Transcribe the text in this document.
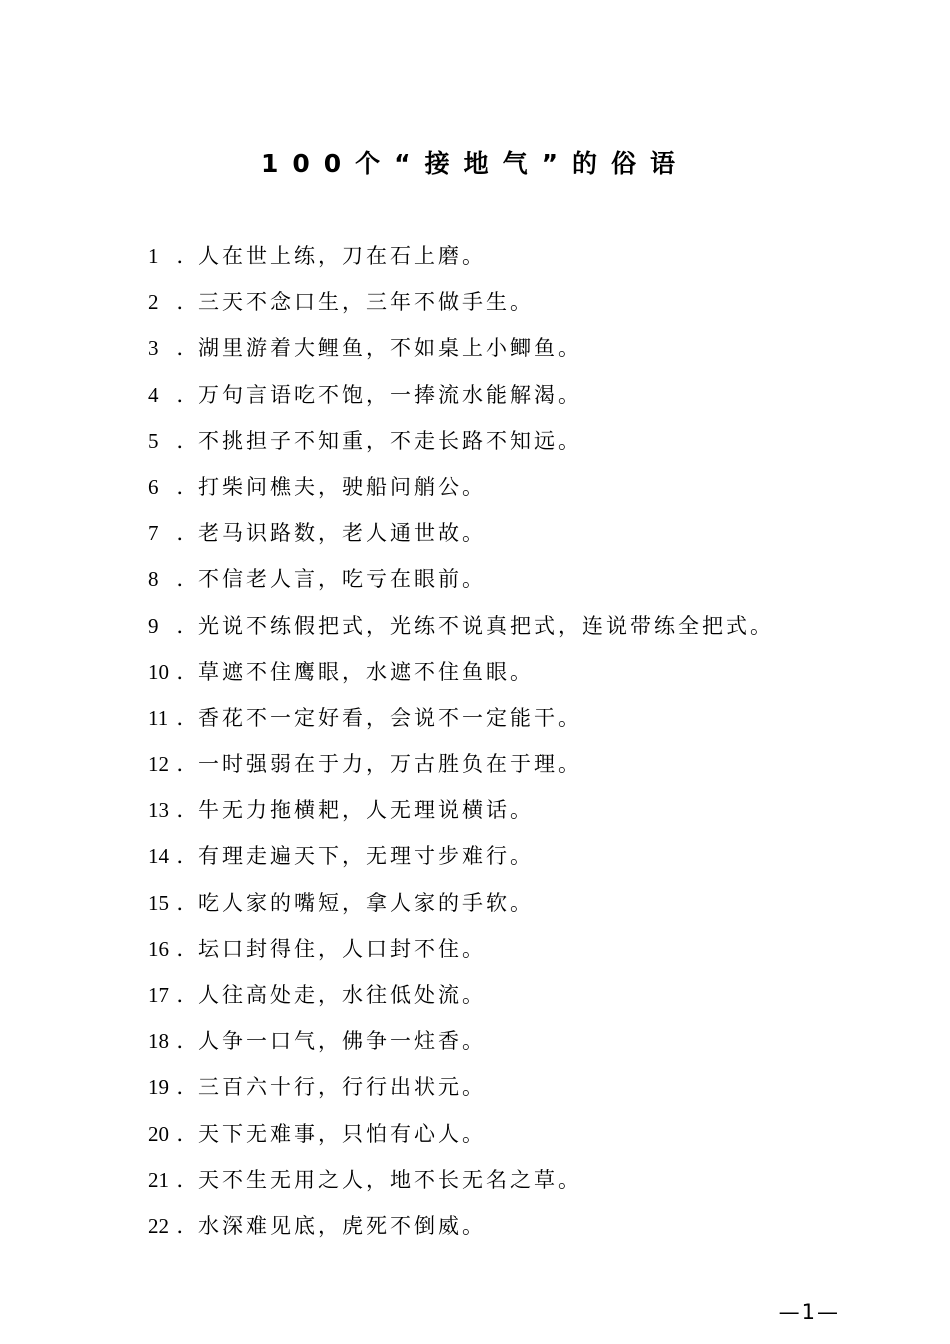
100个“接地气”的俗语
1 ．人在世上练，刀在石上磨。
2 ．三天不念口生，三年不做手生。
3 ．湖里游着大鲤鱼，不如桌上小鲫鱼。
4 ．万句言语吃不饱，一捧流水能解渴。
5 ．不挑担子不知重，不走长路不知远。
6 ．打柴问樵夫，驶船问艄公。
7 ．老马识路数，老人通世故。
8 ．不信老人言，吃亏在眼前。
9 ．光说不练假把式，光练不说真把式，连说带练全把式。
10 ．草遮不住鹰眼，水遮不住鱼眼。
11 ．香花不一定好看，会说不一定能干。
12 ．一时强弱在于力，万古胜负在于理。
13 ．牛无力拖横耙，人无理说横话。
14 ．有理走遍天下，无理寸步难行。
15 ．吃人家的嘴短，拿人家的手软。
16 ．坛口封得住，人口封不住。
17 ．人往高处走，水往低处流。
18 ．人争一口气，佛争一炷香。
19 ．三百六十行，行行出状元。
20 ．天下无难事，只怕有心人。
21 ．天不生无用之人，地不长无名之草。
22 ．水深难见底，虎死不倒威。
—1—
